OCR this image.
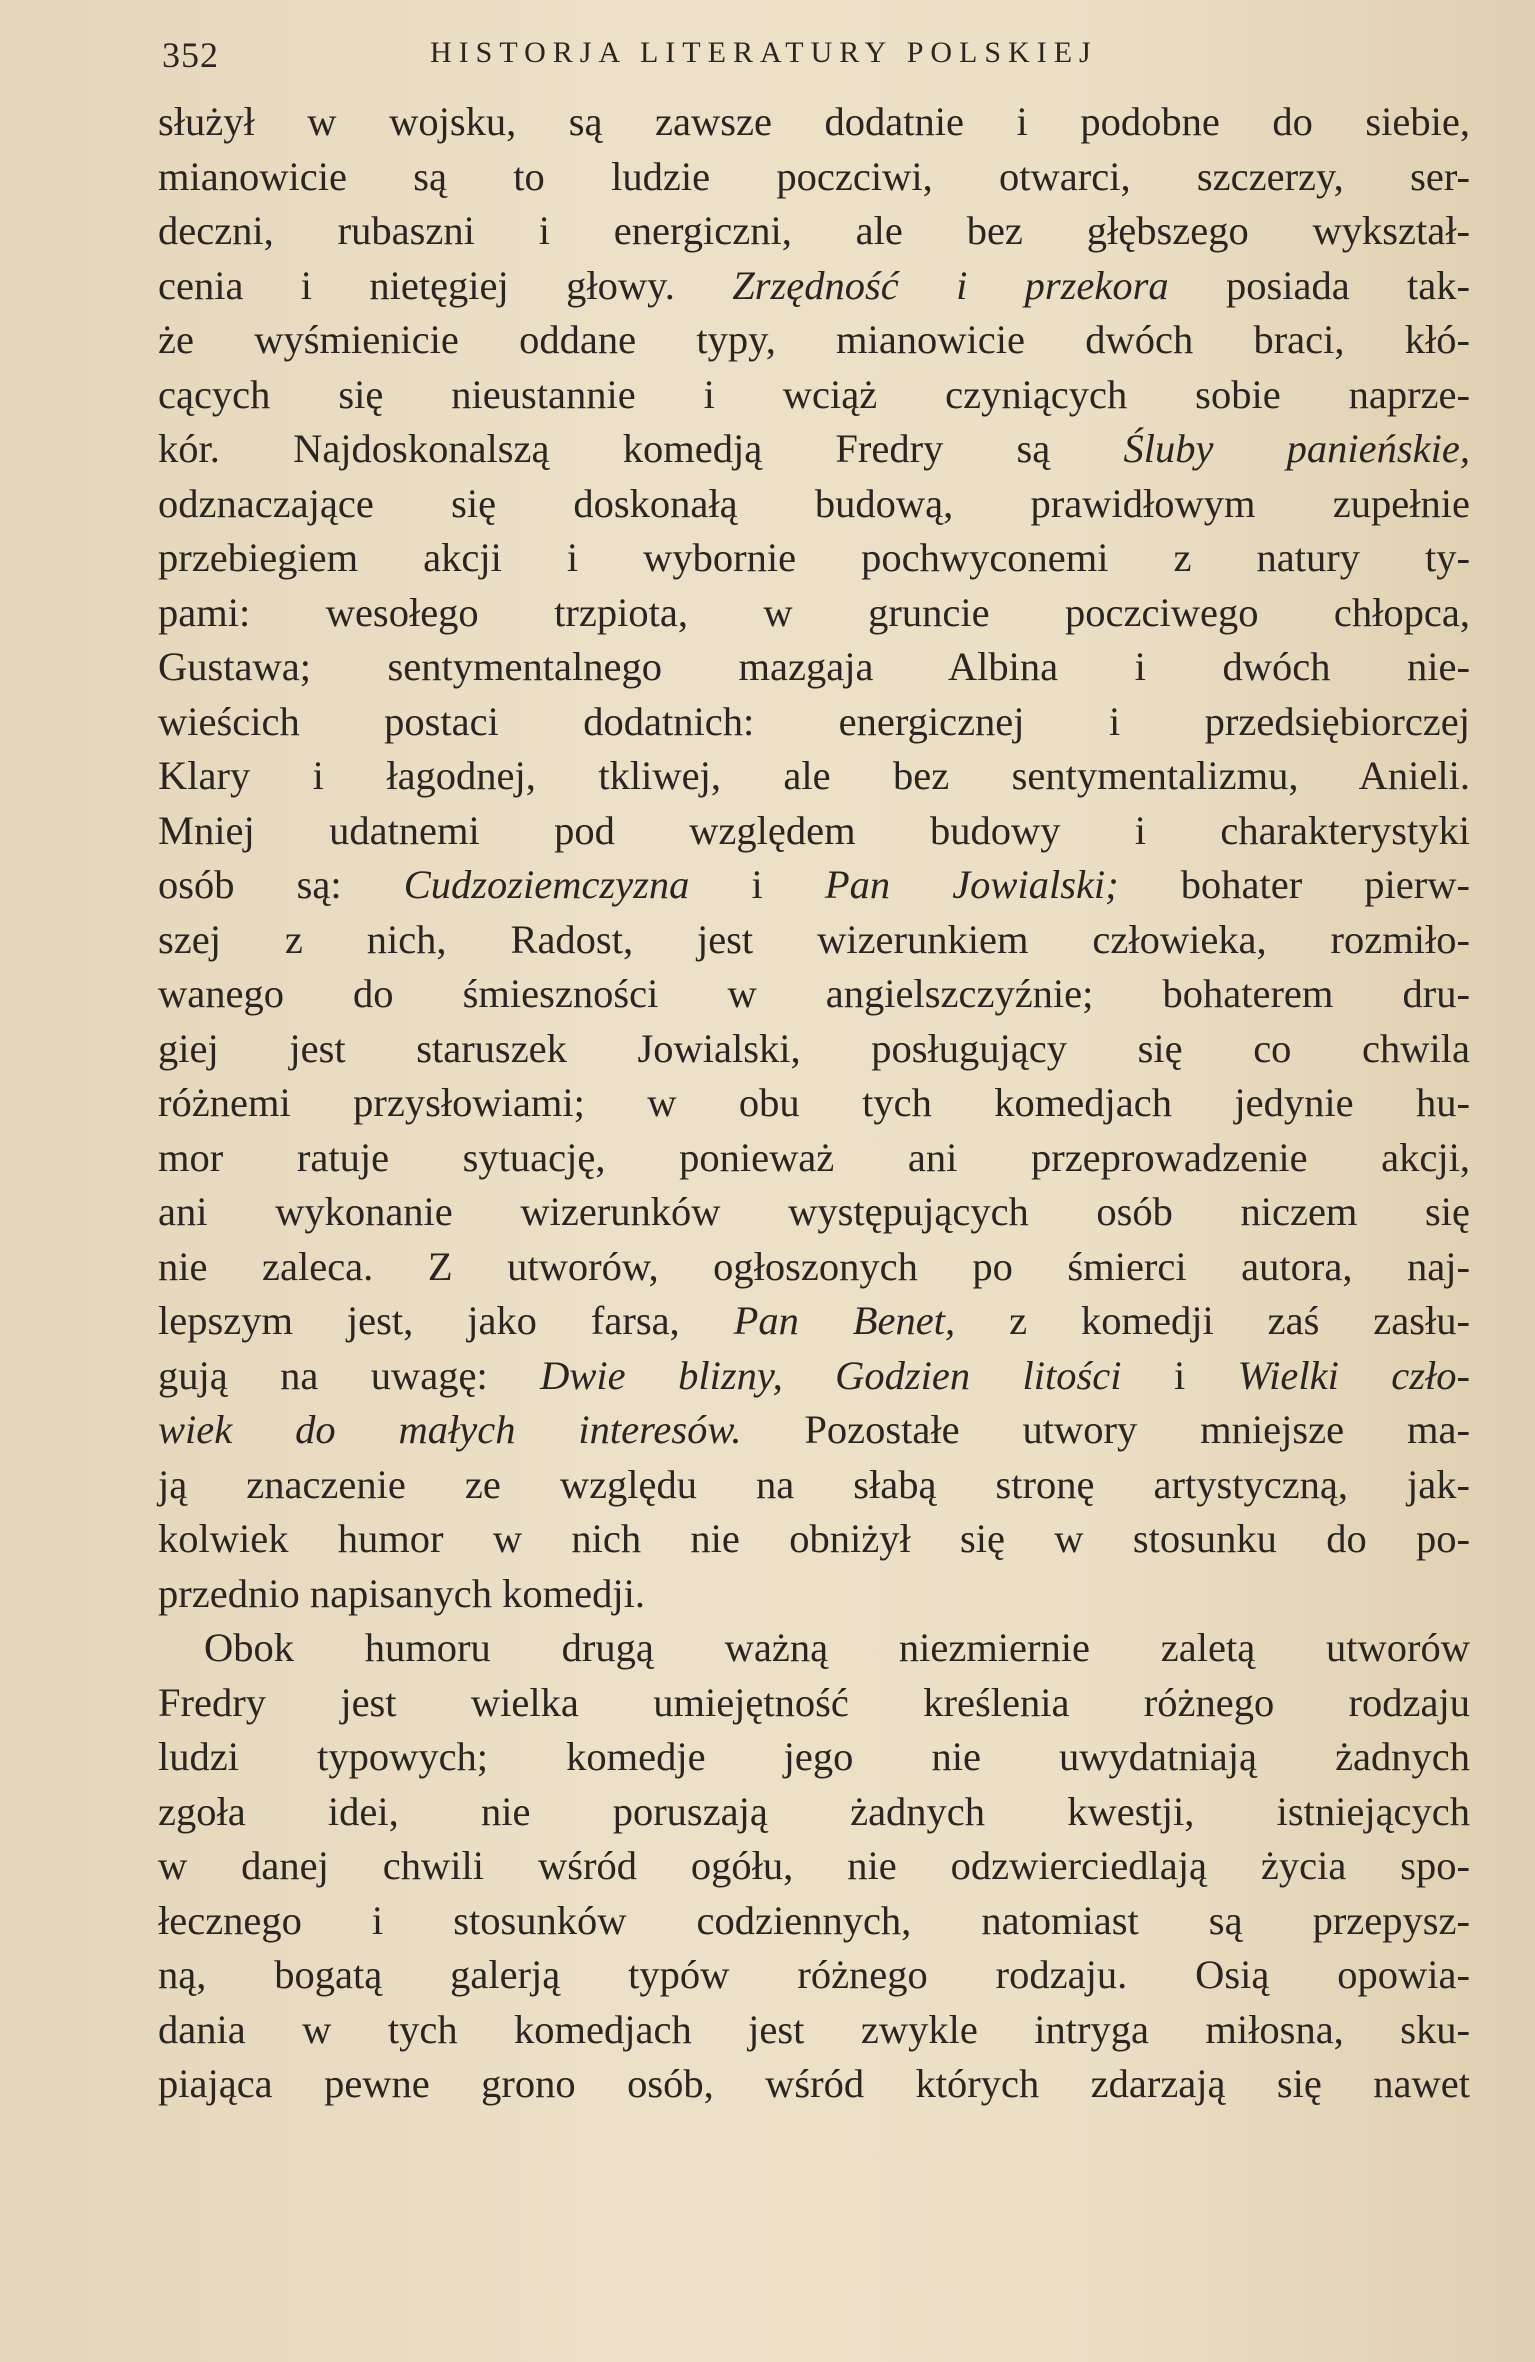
352	HISTORJA LITERATURY POLSKIEJ
służył w wojsku, są zawsze dodatnie i podobne do siebie,
mianowicie są to ludzie poczciwi, otwarci, szczerzy, ser-
deczni, rubaszni i energiczni, ale bez głębszego wykształ-
cenia i nietęgiej głowy. Zrzędność i przekora posiada tak-
że wyśmienicie oddane typy, mianowicie dwóch braci, kłó-
cących się nieustannie i wciąż czyniących sobie naprze-
kór. Najdoskonalszą komedją Fredry są Śluby panieńskie,
odznaczające się doskonałą budową, prawidłowym zupełnie
przebiegiem akcji i wybornie pochwyconemi z natury ty-
pami: wesołego trzpiota, w gruncie poczciwego chłopca,
Gustawa; sentymentalnego mazgaja Albina i dwóch nie-
wieścich postaci dodatnich: energicznej i przedsiębiorczej
Klary i łagodnej, tkliwej, ale bez sentymentalizmu, Anieli.
Mniej udatnemi pod względem budowy i charakterystyki
osób są: Cudzoziemczyzna i Pan Jowialski; bohater pierw-
szej z nich, Radost, jest wizerunkiem człowieka, rozmiło-
wanego do śmieszności w angielszczyźnie; bohaterem dru-
giej jest staruszek Jowialski, posługujący się co chwila
różnemi przysłowiami; w obu tych komedjach jedynie hu-
mor ratuje sytuację, ponieważ ani przeprowadzenie akcji,
ani wykonanie wizerunków występujących osób niczem się
nie zaleca. Z utworów, ogłoszonych po śmierci autora, naj-
lepszym jest, jako farsa, Pan Benet, z komedji zaś zasłu-
gują na uwagę: Dwie blizny, Godzien litości i Wielki czło-
wiek do małych interesów. Pozostałe utwory mniejsze ma-
ją znaczenie ze względu na słabą stronę artystyczną, jak-
kolwiek humor w nich nie obniżył się w stosunku do po-
przednio napisanych komedji.
Obok humoru drugą ważną niezmiernie zaletą utworów
Fredry jest wielka umiejętność kreślenia różnego rodzaju
ludzi typowych; komedje jego nie uwydatniają żadnych
zgoła idei, nie poruszają żadnych kwestji, istniejących
w danej chwili wśród ogółu, nie odzwierciedlają życia spo-
łecznego i stosunków codziennych, natomiast są przepysz-
ną, bogatą galerją typów różnego rodzaju. Osią opowia-
dania w tych komedjach jest zwykle intryga miłosna, sku-
piająca pewne grono osób, wśród których zdarzają się nawet
